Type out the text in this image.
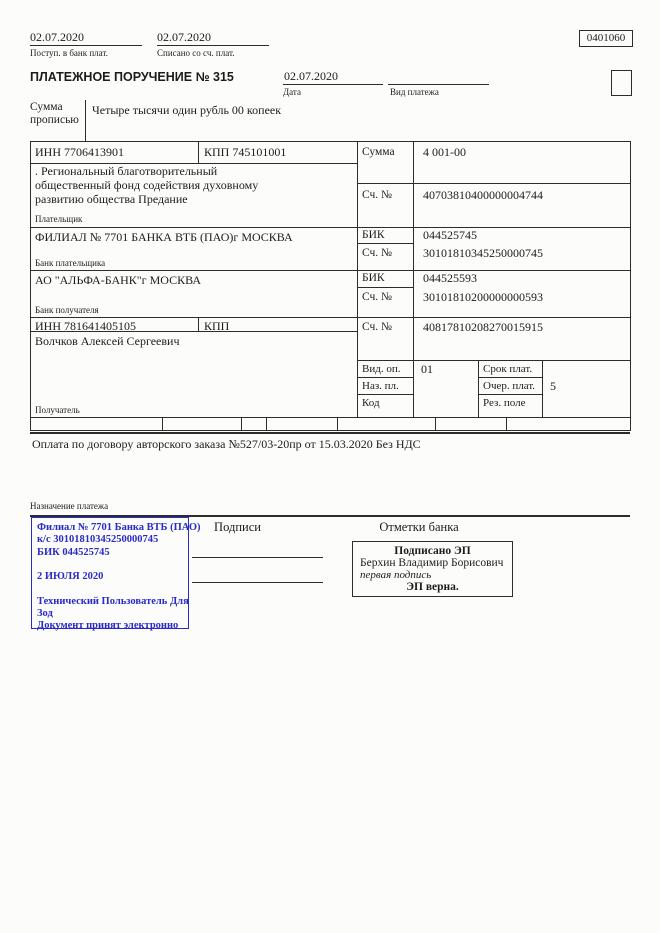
02.07.2020
Поступ. в банк плат.
02.07.2020
Списано со сч. плат.
0401060
ПЛАТЕЖНОЕ ПОРУЧЕНИЕ № 315	02.07.2020
Дата	Вид платежа
Сумма прописью
Четыре тысячи один рубль 00 копеек
ИНН 7706413901	КПП 745101001	Сумма 4 001-00
. Региональный благотворительный
общественный фонд содействия духовному
развитию общества Предание
Плательщик
Сч. №	40703810400000004744
ФИЛИАЛ № 7701 БАНКА ВТБ (ПАО)г МОСКВА
Банк плательщика
БИК	044525745
Сч. №	30101810345250000745
АО "АЛЬФА-БАНК"г МОСКВА
Банк получателя
БИК	044525593
Сч. №	30101810200000000593
ИНН 781641405105	КПП	Сч. №	40817810208270015915
Волчков Алексей Сергеевич
Получатель
Вид. оп. 01	Срок плат.
Наз. пл.	Очер. плат. 5
Код	Рез. поле
Оплата по договору авторского заказа №527/03-20пр от 15.03.2020 Без НДС
Назначение платежа
Подписи	Отметки банка
Филиал № 7701 Банка ВТБ (ПАО)
к/с 30101810345250000745
БИК 044525745
2 ИЮЛЯ 2020
Технический Пользователь Для
Зод
Документ принят электронно
Подписано ЭП
Берхин Владимир Борисович
первая подпись
ЭП верна.
